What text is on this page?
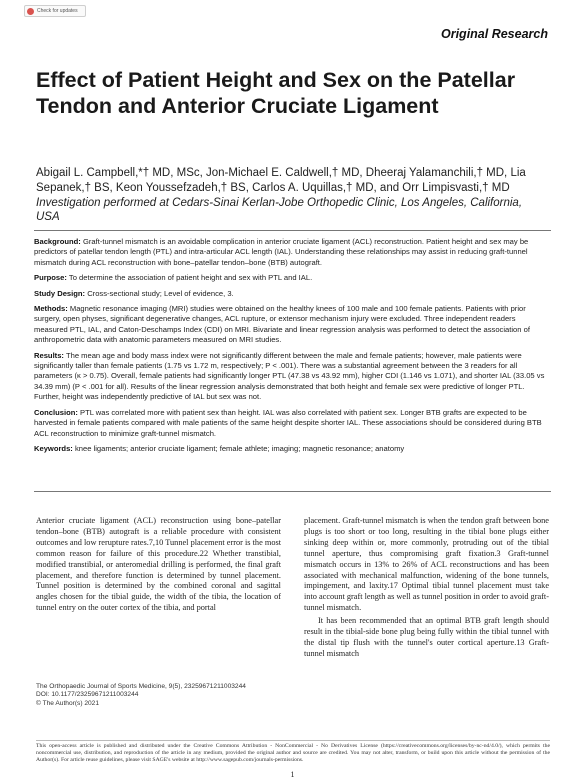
Check for updates
Original Research
Effect of Patient Height and Sex on the Patellar Tendon and Anterior Cruciate Ligament
Abigail L. Campbell,*† MD, MSc, Jon-Michael E. Caldwell,† MD, Dheeraj Yalamanchili,† MD, Lia Sepanek,† BS, Keon Youssefzadeh,† BS, Carlos A. Uquillas,† MD, and Orr Limpisvasti,† MD
Investigation performed at Cedars-Sinai Kerlan-Jobe Orthopedic Clinic, Los Angeles, California, USA

Background: Graft-tunnel mismatch is an avoidable complication in anterior cruciate ligament (ACL) reconstruction. Patient height and sex may be predictors of patellar tendon length (PTL) and intra-articular ACL length (IAL). Understanding these relationships may assist in reducing graft-tunnel mismatch during ACL reconstruction with bone–patellar tendon–bone (BTB) autograft.

Purpose: To determine the association of patient height and sex with PTL and IAL.

Study Design: Cross-sectional study; Level of evidence, 3.

Methods: Magnetic resonance imaging (MRI) studies were obtained on the healthy knees of 100 male and 100 female patients. Patients with prior surgery, open physes, significant degenerative changes, ACL rupture, or extensor mechanism injury were excluded. Three independent readers measured PTL, IAL, and Caton-Deschamps Index (CDI) on MRI. Bivariate and linear regression analysis was performed to detect the association of anthropometric data with anatomic parameters measured on MRI studies.

Results: The mean age and body mass index were not significantly different between the male and female patients; however, male patients were significantly taller than female patients (1.75 vs 1.72 m, respectively; P < .001). There was a substantial agreement between the 3 readers for all parameters (κ > 0.75). Overall, female patients had significantly longer PTL (47.38 vs 43.92 mm), higher CDI (1.146 vs 1.071), and shorter IAL (33.05 vs 34.39 mm) (P < .001 for all). Results of the linear regression analysis demonstrated that both height and female sex were predictive of longer PTL. Further, height was independently predictive of IAL but sex was not.

Conclusion: PTL was correlated more with patient sex than height. IAL was also correlated with patient sex. Longer BTB grafts are expected to be harvested in female patients compared with male patients of the same height despite shorter IAL. These associations should be considered during BTB ACL reconstruction to minimize graft-tunnel mismatch.

Keywords: knee ligaments; anterior cruciate ligament; female athlete; imaging; magnetic resonance; anatomy

Anterior cruciate ligament (ACL) reconstruction using bone–patellar tendon–bone (BTB) autograft is a reliable procedure with consistent outcomes and low rerupture rates.7,10 Tunnel placement error is the most common reason for failure of this procedure.22 Whether transtibial, modified transtibial, or anteromedial drilling is performed, the final graft placement, and therefore function is determined by tunnel placement. Tunnel position is determined by the combined coronal and sagittal angles chosen for the tibial guide, the width of the tibia, the location of tunnel entry on the outer cortex of the tibia, and portal

placement. Graft-tunnel mismatch is when the tendon graft between bone plugs is too short or too long, resulting in the tibial bone plugs either sinking deep within or, more commonly, protruding out of the tibial tunnel aperture, thus compromising graft fixation.3 Graft-tunnel mismatch occurs in 13% to 26% of ACL reconstructions and has been associated with mechanical malfunction, widening of the bone tunnels, impingement, and laxity.17 Optimal tibial tunnel placement must take into account graft length as well as tunnel position in order to avoid graft-tunnel mismatch.

It has been recommended that an optimal BTB graft length should result in the tibial-side bone plug being fully within the tibial tunnel with the distal tip flush with the tunnel's outer cortical aperture.13 Graft-tunnel mismatch

The Orthopaedic Journal of Sports Medicine, 9(5), 23259671211003244
DOI: 10.1177/23259671211003244
© The Author(s) 2021
This open-access article is published and distributed under the Creative Commons Attribution - NonCommercial - No Derivatives License (https://creativecommons.org/licenses/by-nc-nd/4.0/), which permits the noncommercial use, distribution, and reproduction of the article in any medium, provided the original author and source are credited. You may not alter, transform, or build upon this article without the permission of the Author(s). For article reuse guidelines, please visit SAGE's website at http://www.sagepub.com/journals-permissions.
1
